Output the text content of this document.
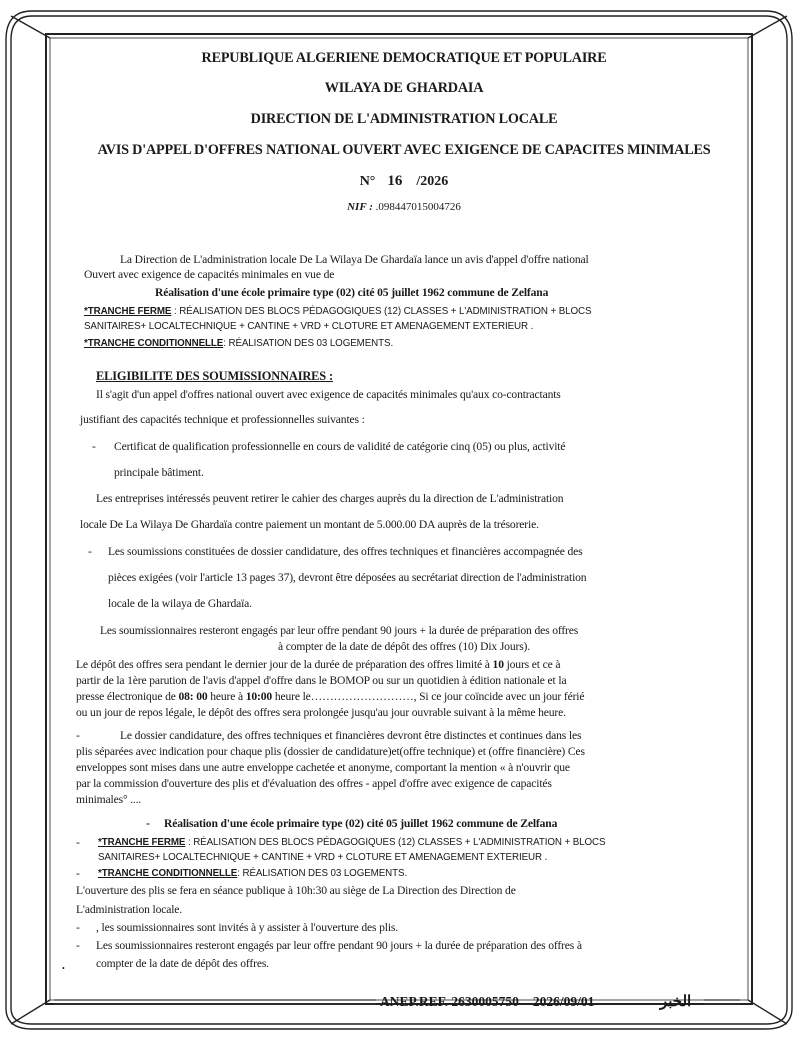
REPUBLIQUE ALGERIENE DEMOCRATIQUE ET POPULAIRE
WILAYA DE GHARDAIA
DIRECTION DE L'ADMINISTRATION LOCALE
AVIS D'APPEL D'OFFRES NATIONAL OUVERT AVEC EXIGENCE DE CAPACITES MINIMALES
N° 16 /2026
NIF : .098447015004726
La Direction de L'administration locale De La Wilaya De Ghardaïa lance un avis d'appel d'offre national
Ouvert avec exigence de capacités minimales en vue de
Réalisation d'une école primaire type (02) cité 05 juillet 1962 commune de Zelfana
*TRANCHE FERME : RÉALISATION DES BLOCS PÉDAGOGIQUES (12) CLASSES + L'ADMINISTRATION + BLOCS
SANITAIRES+ LOCALTECHNIQUE + CANTINE + VRD + CLOTURE ET AMENAGEMENT EXTERIEUR .
*TRANCHE CONDITIONNELLE: RÉALISATION DES 03 LOGEMENTS.
ELIGIBILITE DES SOUMISSIONNAIRES :
Il s'agit d'un appel d'offres national ouvert avec exigence de capacités minimales qu'aux co-contractants
justifiant des capacités technique et professionnelles suivantes :
- Certificat de qualification professionnelle en cours de validité de catégorie cinq (05) ou plus, activité
principale bâtiment.
Les entreprises intéressés peuvent retirer le cahier des charges auprès du la direction de L'administration
locale De La Wilaya De Ghardaïa contre paiement un montant de 5.000.00 DA auprès de la trésorerie.
- Les soumissions constituées de dossier candidature, des offres techniques et financières accompagnée des
pièces exigées (voir l'article 13 pages 37), devront être déposées au secrétariat direction de l'administration
locale de la wilaya de Ghardaïa.
Les soumissionnaires resteront engagés par leur offre pendant 90 jours + la durée de préparation des offres
à compter de la date de dépôt des offres (10) Dix Jours).
Le dépôt des offres sera pendant le dernier jour de la durée de préparation des offres limité à 10 jours et ce à
partir de la 1ère parution de l'avis d'appel d'offre dans le BOMOP ou sur un quotidien à édition nationale et la
presse électronique de 08: 00 heure à 10:00 heure le………………………, Si ce jour coïncide avec un jour férié
ou un jour de repos légale, le dépôt des offres sera prolongée jusqu'au jour ouvrable suivant à la même heure.
-	Le dossier candidature, des offres techniques et financières devront être distinctes et continues dans les
plis séparées avec indication pour chaque plis (dossier de candidature)et(offre technique) et (offre financière) Ces
enveloppes sont mises dans une autre enveloppe cachetée et anonyme, comportant la mention « à n'ouvrir que
par la commission d'ouverture des plis et d'évaluation des offres - appel d'offre avec exigence de capacités
minimales° ....
- Réalisation d'une école primaire type (02) cité 05 juillet 1962 commune de Zelfana
- *TRANCHE FERME : RÉALISATION DES BLOCS PÉDAGOGIQUES (12) CLASSES + L'ADMINISTRATION + BLOCS
SANITAIRES+ LOCALTECHNIQUE + CANTINE + VRD + CLOTURE ET AMENAGEMENT EXTERIEUR .
- *TRANCHE CONDITIONNELLE: RÉALISATION DES 03 LOGEMENTS.
L'ouverture des plis se fera en séance publique à 10h:30 au siège de La Direction des Direction de
L'administration locale.
- , les soumissionnaires sont invités à y assister à l'ouverture des plis.
- Les soumissionnaires resteront engagés par leur offre pendant 90 jours + la durée de préparation des offres à
compter de la date de dépôt des offres.
•
ANEP.REF. 2630005750 2026/09/01	الخبر
